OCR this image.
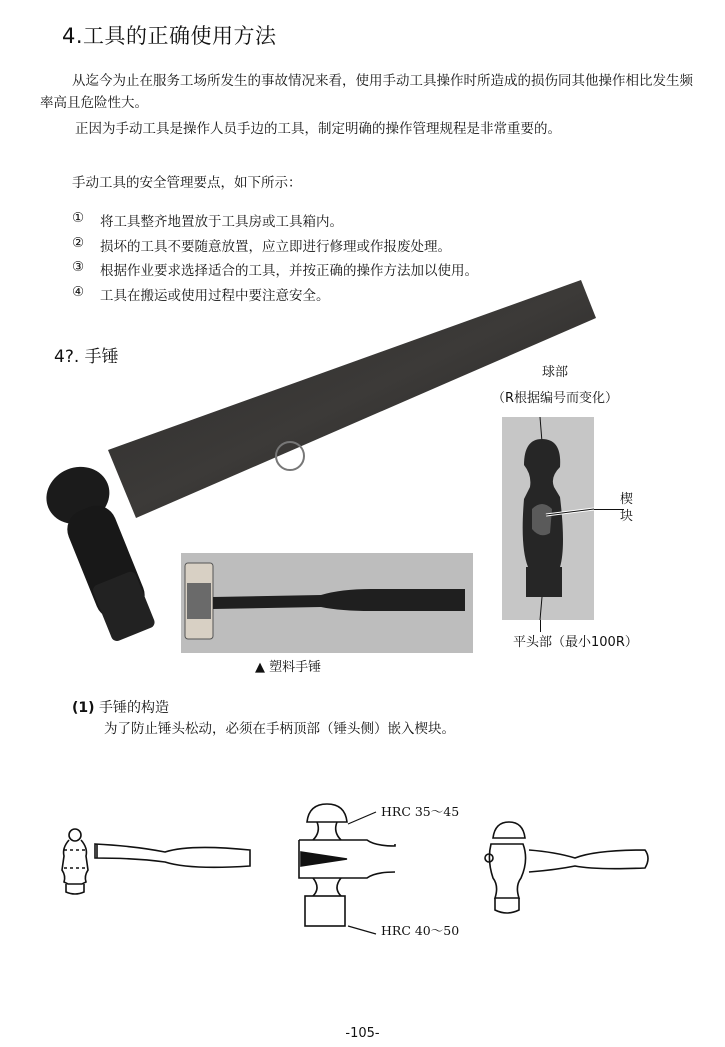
4.工具的正确使用方法
从迄今为止在服务工场所发生的事故情况来看，使用手动工具操作时所造成的损伤同其他操作相比发生频率高且危险性大。
正因为手动工具是操作人员手边的工具，制定明确的操作管理规程是非常重要的。
手动工具的安全管理要点，如下所示：
①	将工具整齐地置放于工具房或工具箱内。
②	损坏的工具不要随意放置，应立即进行修理或作报废处理。
③	根据作业要求选择适合的工具，并按正确的操作方法加以使用。
④	工具在搬运或使用过程中要注意安全。
4?. 手锤
球部
（R根据编号而变化）
楔
块
平头部（最小100R）
▲ 塑料手锤
(1) 手锤的构造
为了防止锤头松动，必须在手柄顶部（锤头侧）嵌入楔块。
HRC 35～45
HRC 40～50
-105-
